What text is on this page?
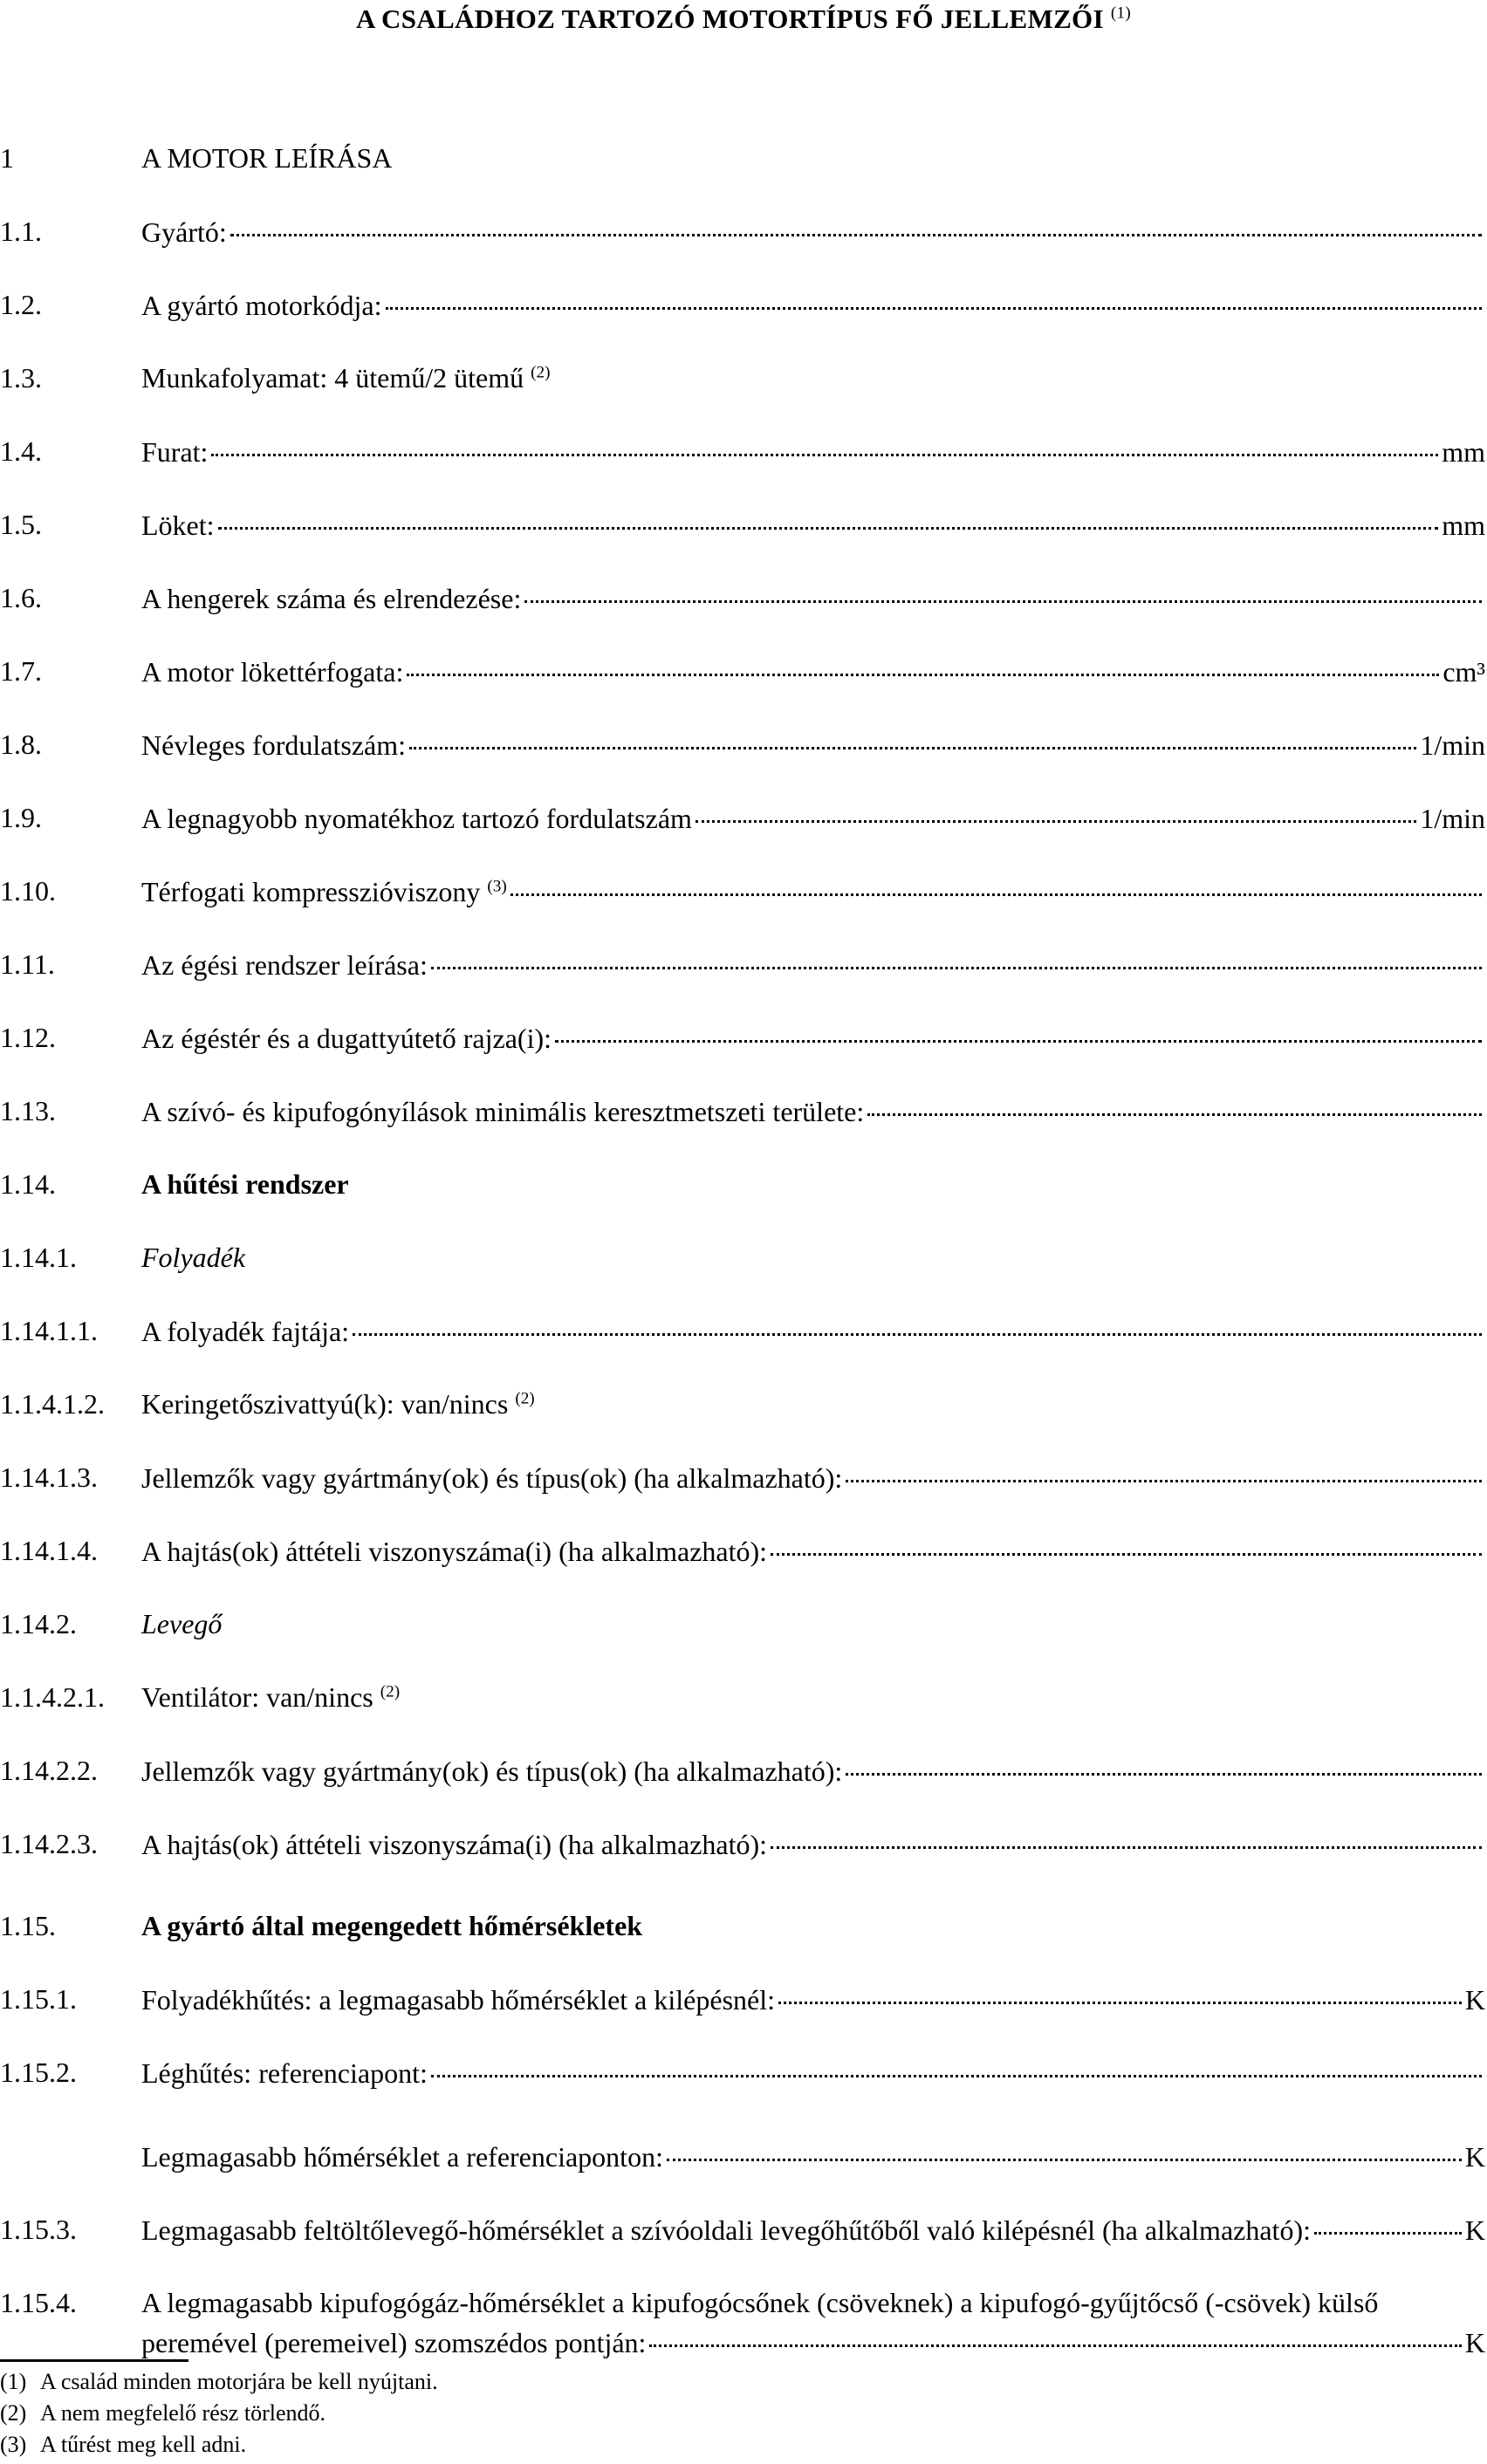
A CSALÁDHOZ TARTOZÓ MOTORTÍPUS FŐ JELLEMZŐI $^{(1)}$
1	A MOTOR LEÍRÁSA
1.1.	Gyártó:
1.2.	A gyártó motorkódja:
1.3.	Munkafolyamat: 4 ütemű/2 ütemű $^{(2)}$
1.4.	Furat:	mm
1.5.	Löket:	mm
1.6.	A hengerek száma és elrendezése:
1.7.	A motor lökettérfogata:	cm³
1.8.	Névleges fordulatszám:	1/min
1.9.	A legnagyobb nyomatékhoz tartozó fordulatszám	1/min
1.10.	Térfogati kompresszióviszony $^{(3)}$
1.11.	Az égési rendszer leírása:
1.12.	Az égéstér és a dugattyútető rajza(i):
1.13.	A szívó- és kipufogónyílások minimális keresztmetszeti területe:
1.14.	A hűtési rendszer
1.14.1. Folyadék
1.14.1.1. A folyadék fajtája:
1.1.4.1.2. Keringetőszivattyú(k): van/nincs $^{(2)}$
1.14.1.3. Jellemzők vagy gyártmány(ok) és típus(ok) (ha alkalmazható):
1.14.1.4. A hajtás(ok) áttételi viszonyszáma(i) (ha alkalmazható):
1.14.2. Levegő
1.1.4.2.1. Ventilátor: van/nincs $^{(2)}$
1.14.2.2. Jellemzők vagy gyártmány(ok) és típus(ok) (ha alkalmazható):
1.14.2.3. A hajtás(ok) áttételi viszonyszáma(i) (ha alkalmazható):
1.15.	A gyártó által megengedett hőmérsékletek
1.15.1. Folyadékhűtés: a legmagasabb hőmérséklet a kilépésnél:	K
1.15.2. Léghűtés: referenciapont:
Legmagasabb hőmérséklet a referenciaponton:	K
1.15.3. Legmagasabb feltöltőlevegő-hőmérséklet a szívóoldali levegőhűtőből való kilépésnél (ha alkalmazható):	K
1.15.4. A legmagasabb kipufogógáz-hőmérséklet a kipufogócsőnek (csöveknek) a kipufogó-gyűjtőcső (-csövek) külső
peremével (peremeivel) szomszédos pontján:	K
(1) A család minden motorjára be kell nyújtani.
(2) A nem megfelelő rész törlendő.
(3) A tűrést meg kell adni.
